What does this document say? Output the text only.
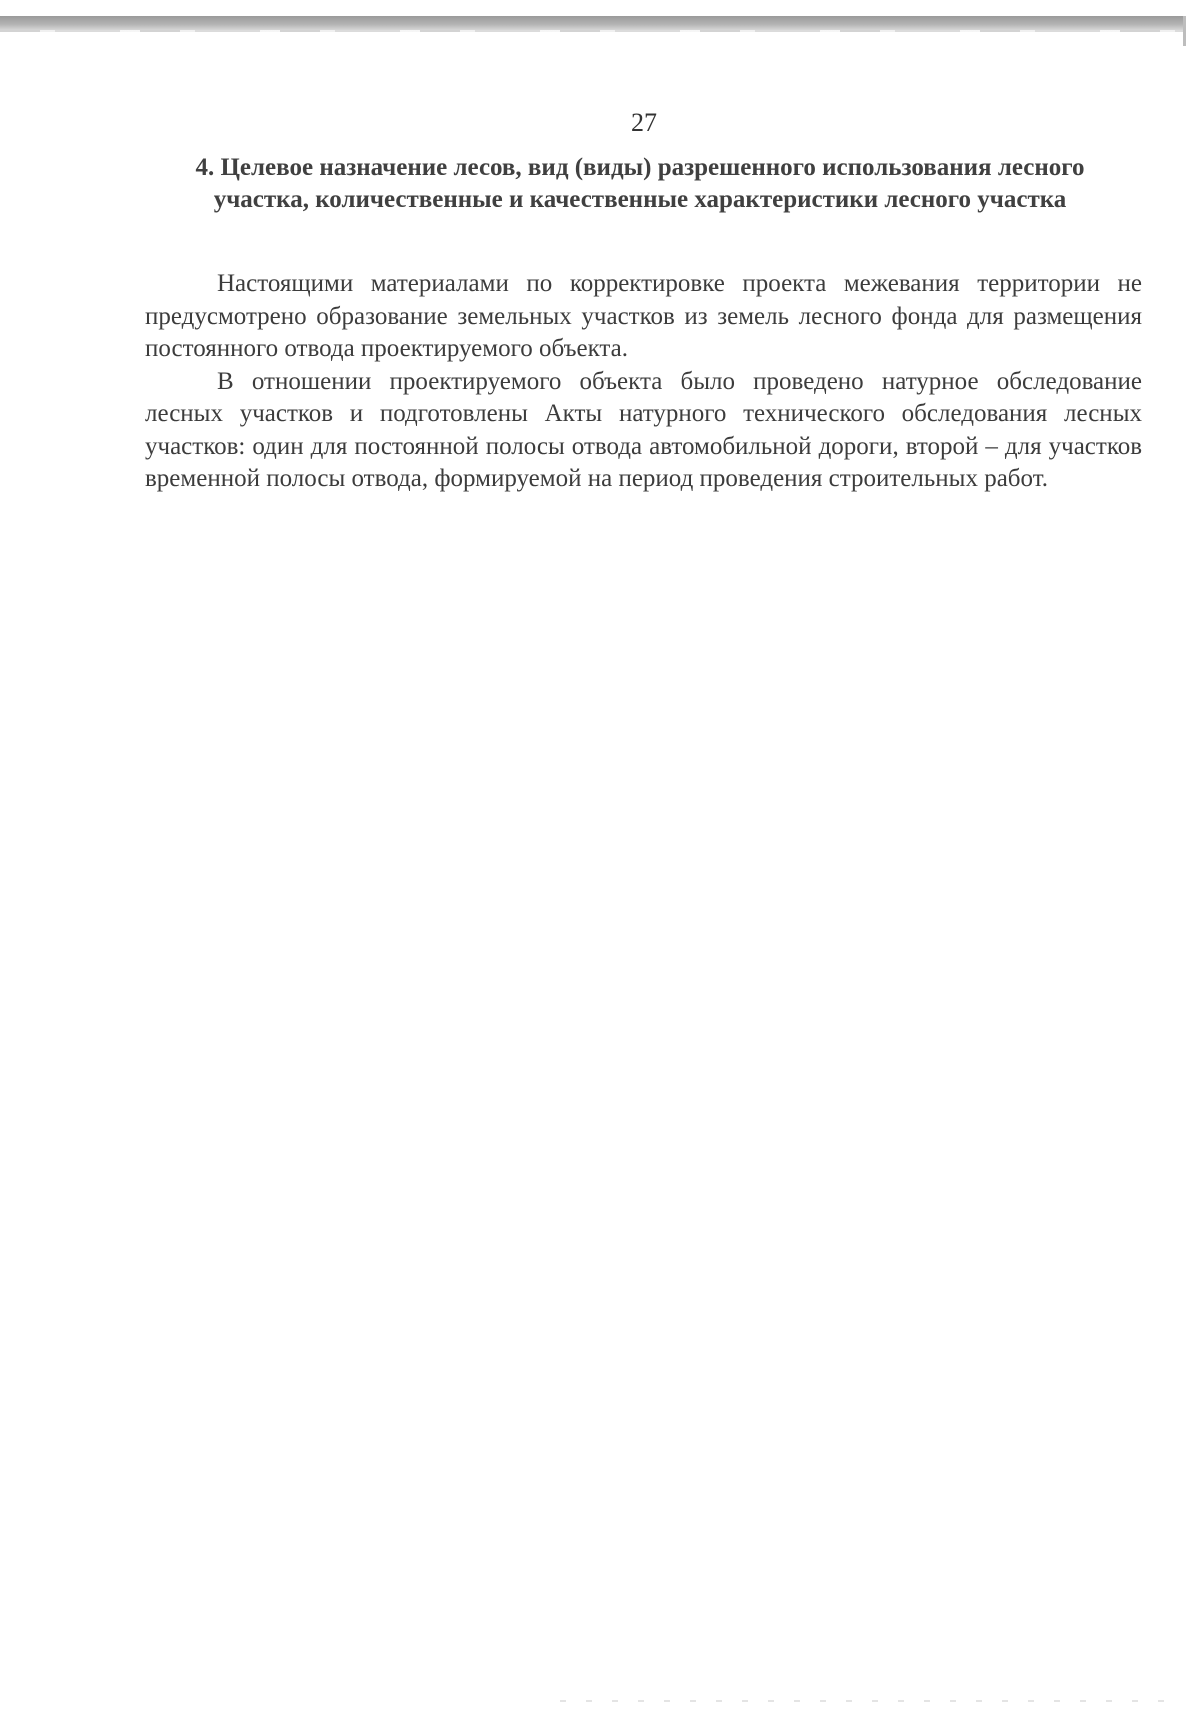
27
4. Целевое назначение лесов, вид (виды) разрешенного использования лесного участка, количественные и качественные характеристики лесного участка

Настоящими материалами по корректировке проекта межевания территории не предусмотрено образование земельных участков из земель лесного фонда для размещения постоянного отвода проектируемого объекта.

В отношении проектируемого объекта было проведено натурное обследование лесных участков и подготовлены Акты натурного технического обследования лесных участков: один для постоянной полосы отвода автомобильной дороги, второй – для участков временной полосы отвода, формируемой на период проведения строительных работ.
